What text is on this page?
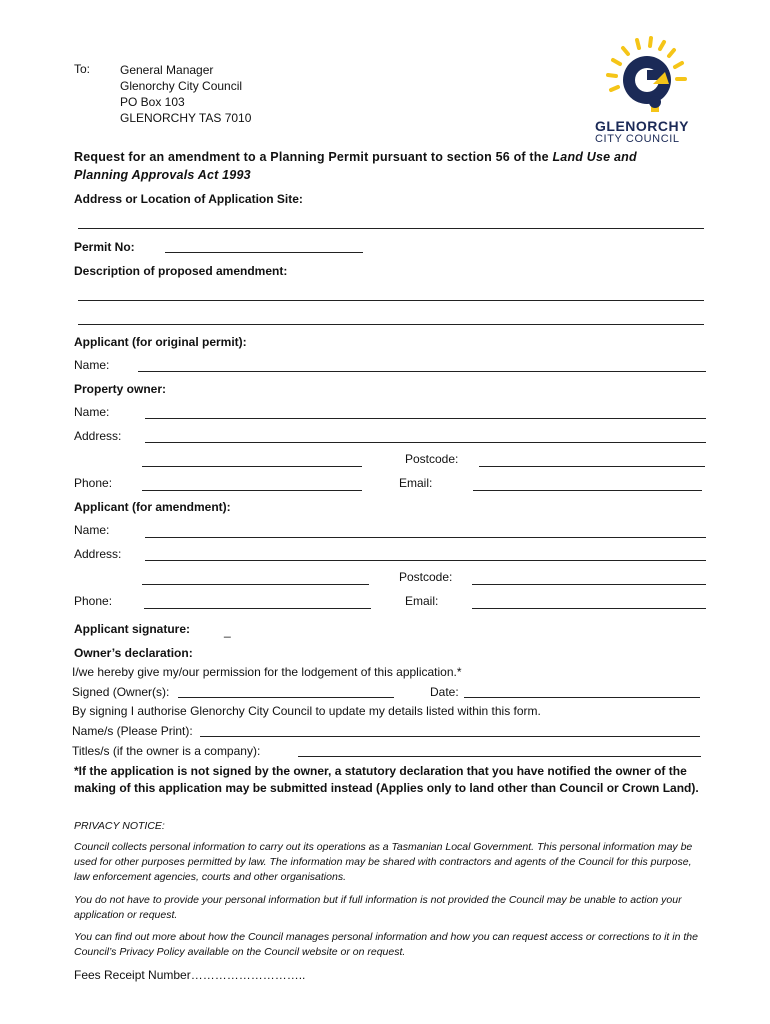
To: General Manager
Glenorchy City Council
PO Box 103
GLENORCHY TAS 7010	GLENORCHY
CITY COUNCIL
Request for an amendment to a Planning Permit pursuant to section 56 of the Land Use and
Planning Approvals Act 1993
Address or Location of Application Site:
Permit No:
Description of proposed amendment:
Applicant (for original permit):
Name:
Property owner:
Name:
Address:
Postcode:
Phone:	Email:
Applicant (for amendment):
Name:
Address:
Postcode:
Phone:	Email:
Applicant signature:	_
Owner’s declaration:
I/we hereby give my/our permission for the lodgement of this application.*
Signed (Owner(s):	Date:
By signing I authorise Glenorchy City Council to update my details listed within this form.
Name/s (Please Print):
Titles/s (if the owner is a company):
*If the application is not signed by the owner, a statutory declaration that you have notified the owner of the making of this application may be submitted instead (Applies only to land other than Council or Crown Land).
PRIVACY NOTICE:
Council collects personal information to carry out its operations as a Tasmanian Local Government. This personal information may be used for other purposes permitted by law. The information may be shared with contractors and agents of the Council for this purpose, law enforcement agencies, courts and other organisations.
You do not have to provide your personal information but if full information is not provided the Council may be unable to action your application or request.
You can find out more about how the Council manages personal information and how you can request access or corrections to it in the Council’s Privacy Policy available on the Council website or on request.
Fees Receipt Number………………………..
